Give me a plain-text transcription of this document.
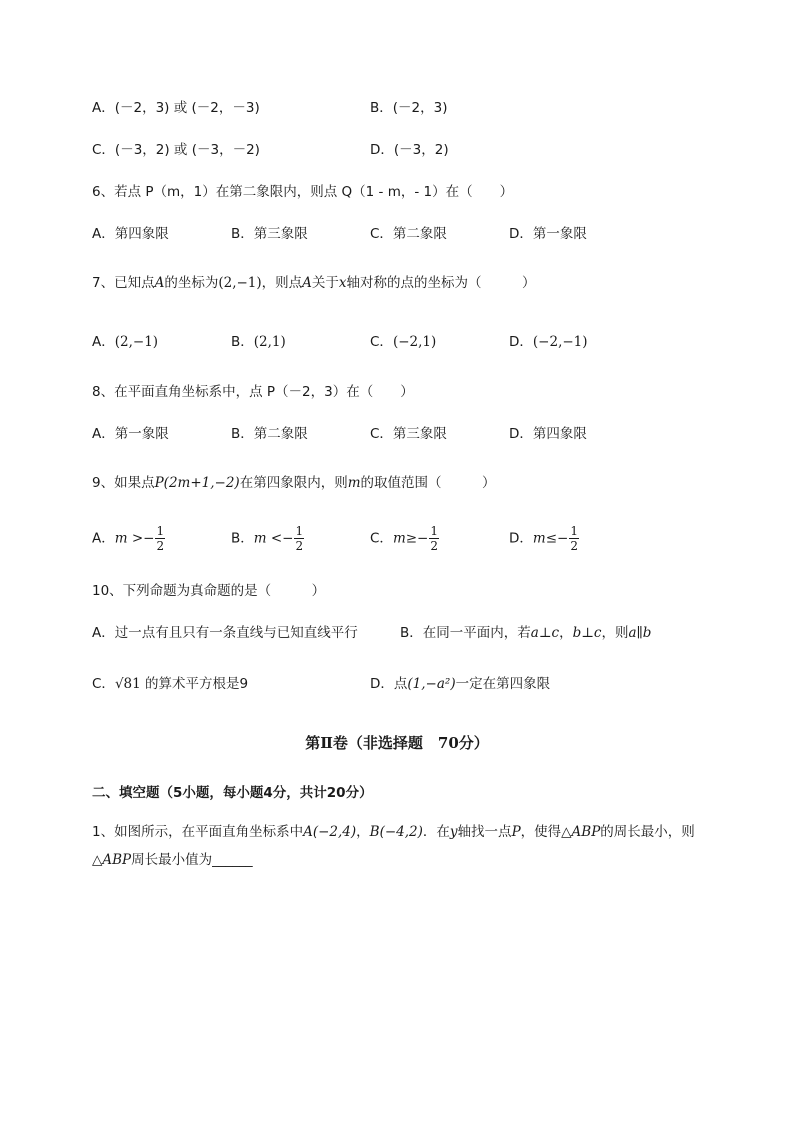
A．(－2，3) 或 (－2，－3)	B．(－2，3)
C．(－3，2) 或 (－3，－2)	D．(－3，2)
6、若点 P（m，1）在第二象限内，则点 Q（1 - m，- 1）在（　　）
A．第四象限	B．第三象限	C．第二象限	D．第一象限
7、已知点A的坐标为(2,−1)，则点A关于x轴对称的点的坐标为（　　　）
A．(2,−1)	B．(2,1)	C．(−2,1)	D．(−2,−1)
8、在平面直角坐标系中，点 P（－2，3）在（　　）
A．第一象限	B．第二象限	C．第三象限	D．第四象限
9、如果点P(2m+1,−2)在第四象限内，则m的取值范围（　　　）
A．$m >- \frac{1}{2}$	B．$m <- \frac{1}{2}$	C．$m\ge- \frac{1}{2}$	D．$m\le- \frac{1}{2}$
10、下列命题为真命题的是（　　　）
A．过一点有且只有一条直线与已知直线平行	B．在同一平面内，若a⊥c，b⊥c，则a∥b
C．√81 的算术平方根是9	D．点(1,−a²)一定在第四象限
第Ⅱ卷（非选择题　70分）
二、填空题（5小题，每小题4分，共计20分）
1、如图所示，在平面直角坐标系中A(−2,4)，B(−4,2)．在y轴找一点P，使得△ABP的周长最小，则
△ABP周长最小值为______
